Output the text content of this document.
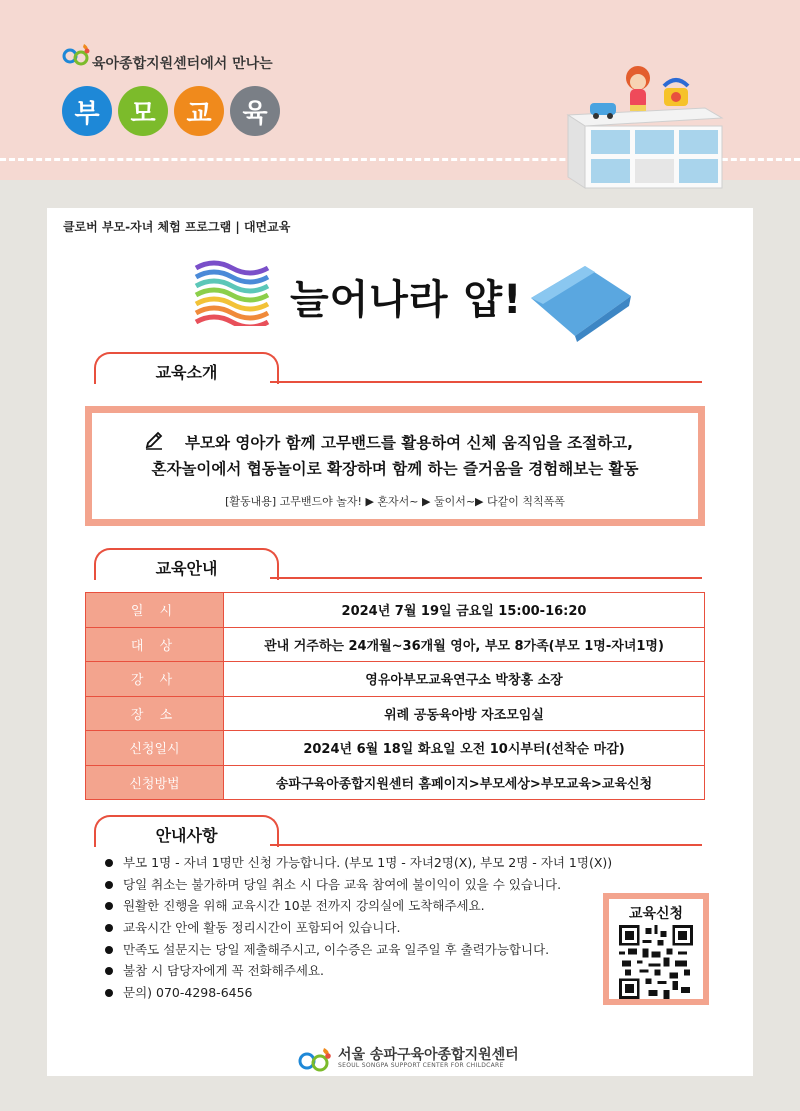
육아종합지원센터에서 만나는
부	모	교	육
클로버 부모-자녀 체험 프로그램 | 대면교육
늘어나라 얍!
교육소개
부모와 영아가 함께 고무밴드를 활용하여 신체 움직임을 조절하고,
혼자놀이에서 협동놀이로 확장하며 함께 하는 즐거움을 경험해보는 활동
[활동내용] 고무밴드야 놀자! ▶ 혼자서~ ▶ 둘이서~▶ 다같이 칙칙폭폭
교육안내
일 시	2024년 7월 19일 금요일 15:00-16:20
대 상	관내 거주하는 24개월~36개월 영아, 부모 8가족(부모 1명-자녀1명)
강 사	영유아부모교육연구소 박창홍 소장
장 소	위례 공동육아방 자조모임실
신청일시	2024년 6월 18일 화요일 오전 10시부터(선착순 마감)
신청방법	송파구육아종합지원센터 홈페이지>부모세상>부모교육>교육신청
안내사항
부모 1명 - 자녀 1명만 신청 가능합니다. (부모 1명 - 자녀2명(X), 부모 2명 - 자녀 1명(X))
당일 취소는 불가하며 당일 취소 시 다음 교육 참여에 불이익이 있을 수 있습니다.
원활한 진행을 위해 교육시간 10분 전까지 강의실에 도착해주세요.
교육시간 안에 활동 정리시간이 포함되어 있습니다.
만족도 설문지는 당일 제출해주시고, 이수증은 교육 일주일 후 출력가능합니다.
불참 시 담당자에게 꼭 전화해주세요.
문의) 070-4298-6456
교육신청
서울 송파구육아종합지원센터
SEOUL SONGPA SUPPORT CENTER FOR CHILDCARE
